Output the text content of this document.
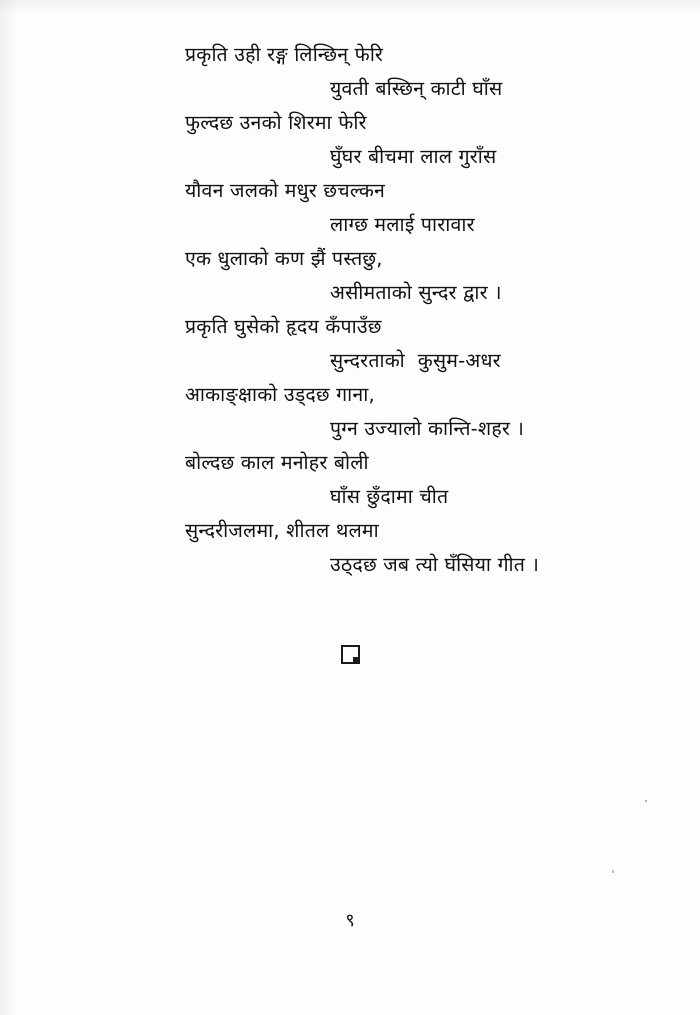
प्रकृति उही रङ्ग लिन्छिन् फेरि
युवती बस्छिन् काटी घाँस
फुल्दछ उनको शिरमा फेरि
घुँघर बीचमा लाल गुराँस
यौवन जलको मधुर छचल्कन
लाग्छ मलाई पारावार
एक धुलाको कण झैं पस्तछु,
असीमताको सुन्दर द्वार ।
प्रकृति घुसेको हृदय कँपाउँछ
सुन्दरताको  कुसुम-अधर
आकाङ्क्षाको उड्दछ गाना,
पुग्न उज्यालो कान्ति-शहर ।
बोल्दछ काल मनोहर बोली
घाँस छुँदामा चीत
सुन्दरीजलमा, शीतल थलमा
उठ्दछ जब त्यो घँसिया गीत ।
९
